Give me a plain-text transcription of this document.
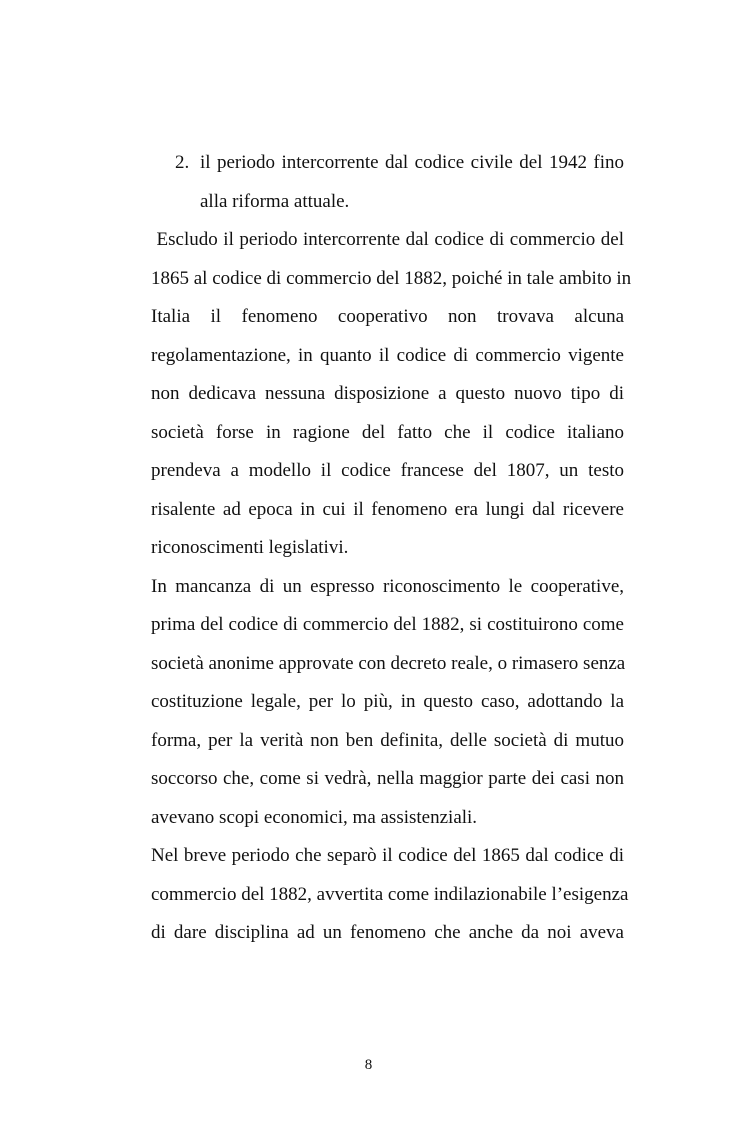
2. il periodo intercorrente dal codice civile del 1942 fino
alla riforma attuale.
Escludo il periodo intercorrente dal codice di commercio del
1865 al codice di commercio del 1882, poiché in tale ambito in
Italia il fenomeno cooperativo non trovava alcuna
regolamentazione, in quanto il codice di commercio vigente
non dedicava nessuna disposizione a questo nuovo tipo di
società forse in ragione del fatto che il codice italiano
prendeva a modello il codice francese del 1807, un testo
risalente ad epoca in cui il fenomeno era lungi dal ricevere
riconoscimenti legislativi.
In mancanza di un espresso riconoscimento le cooperative,
prima del codice di commercio del 1882, si costituirono come
società anonime approvate con decreto reale, o rimasero senza
costituzione legale, per lo più, in questo caso, adottando la
forma, per la verità non ben definita, delle società di mutuo
soccorso che, come si vedrà, nella maggior parte dei casi non
avevano scopi economici, ma assistenziali.
Nel breve periodo che separò il codice del 1865 dal codice di
commercio del 1882, avvertita come indilazionabile l’esigenza
di dare disciplina ad un fenomeno che anche da noi aveva
8
